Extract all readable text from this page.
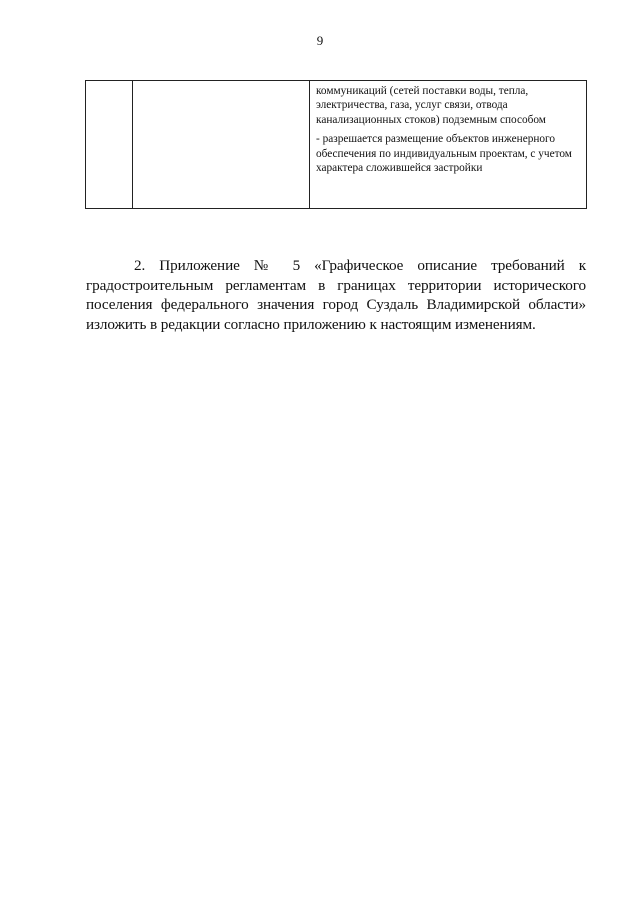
9

коммуникаций (сетей поставки воды, тепла, электричества, газа, услуг связи, отвода канализационных стоков) подземным способом

- разрешается размещение объектов инженерного обеспечения по индивидуальным проектам, с учетом характера сложившейся застройки

2. Приложение № 5 «Графическое описание требований к градостроительным регламентам в границах территории исторического поселения федерального значения город Суздаль Владимирской области» изложить в редакции согласно приложению к настоящим изменениям.
